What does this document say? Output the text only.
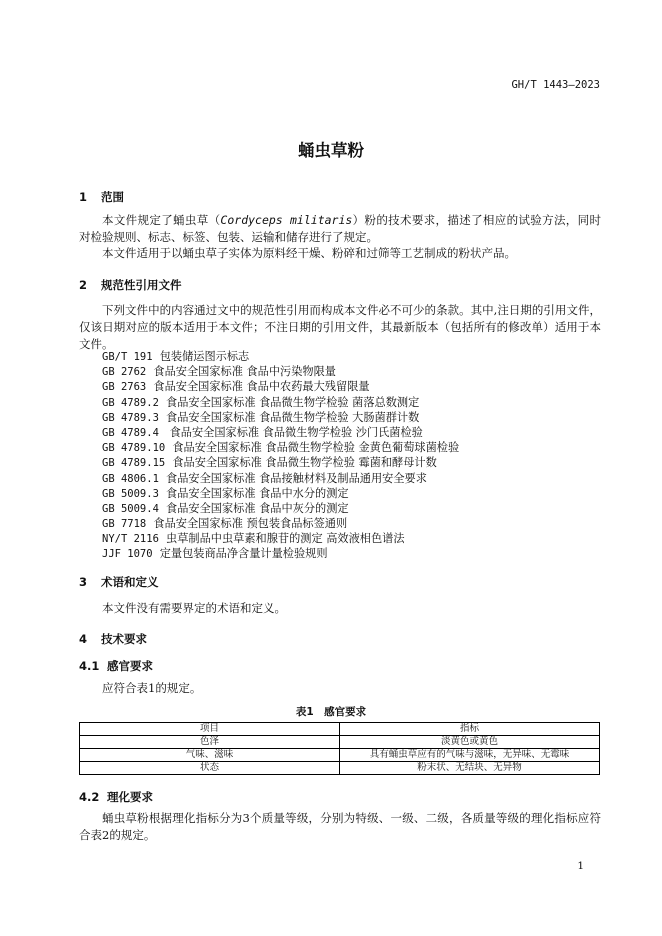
GH/T 1443—2023
蛹虫草粉
1 范围
本文件规定了蛹虫草（Cordyceps militaris）粉的技术要求，描述了相应的试验方法，同时对检验规则、标志、标签、包装、运输和储存进行了规定。
本文件适用于以蛹虫草子实体为原料经干燥、粉碎和过筛等工艺制成的粉状产品。
2 规范性引用文件
下列文件中的内容通过文中的规范性引用而构成本文件必不可少的条款。其中,注日期的引用文件，仅该日期对应的版本适用于本文件；不注日期的引用文件，其最新版本（包括所有的修改单）适用于本文件。
GB/T 191 包装储运图示标志
GB 2762 食品安全国家标准 食品中污染物限量
GB 2763 食品安全国家标准 食品中农药最大残留限量
GB 4789.2 食品安全国家标准 食品微生物学检验 菌落总数测定
GB 4789.3 食品安全国家标准 食品微生物学检验 大肠菌群计数
GB 4789.4 食品安全国家标准 食品微生物学检验 沙门氏菌检验
GB 4789.10 食品安全国家标准 食品微生物学检验 金黄色葡萄球菌检验
GB 4789.15 食品安全国家标准 食品微生物学检验 霉菌和酵母计数
GB 4806.1 食品安全国家标准 食品接触材料及制品通用安全要求
GB 5009.3 食品安全国家标准 食品中水分的测定
GB 5009.4 食品安全国家标准 食品中灰分的测定
GB 7718 食品安全国家标准 预包装食品标签通则
NY/T 2116 虫草制品中虫草素和腺苷的测定 高效液相色谱法
JJF 1070 定量包装商品净含量计量检验规则
3 术语和定义
本文件没有需要界定的术语和定义。
4 技术要求
4.1 感官要求
应符合表1的规定。
表1　感官要求
项目	指标
色泽	淡黄色或黄色
气味、滋味	具有蛹虫草应有的气味与滋味，无异味、无霉味
状态	粉末状、无结块、无异物
4.2 理化要求
蛹虫草粉根据理化指标分为3个质量等级，分别为特级、一级、二级，各质量等级的理化指标应符合表2的规定。
1
